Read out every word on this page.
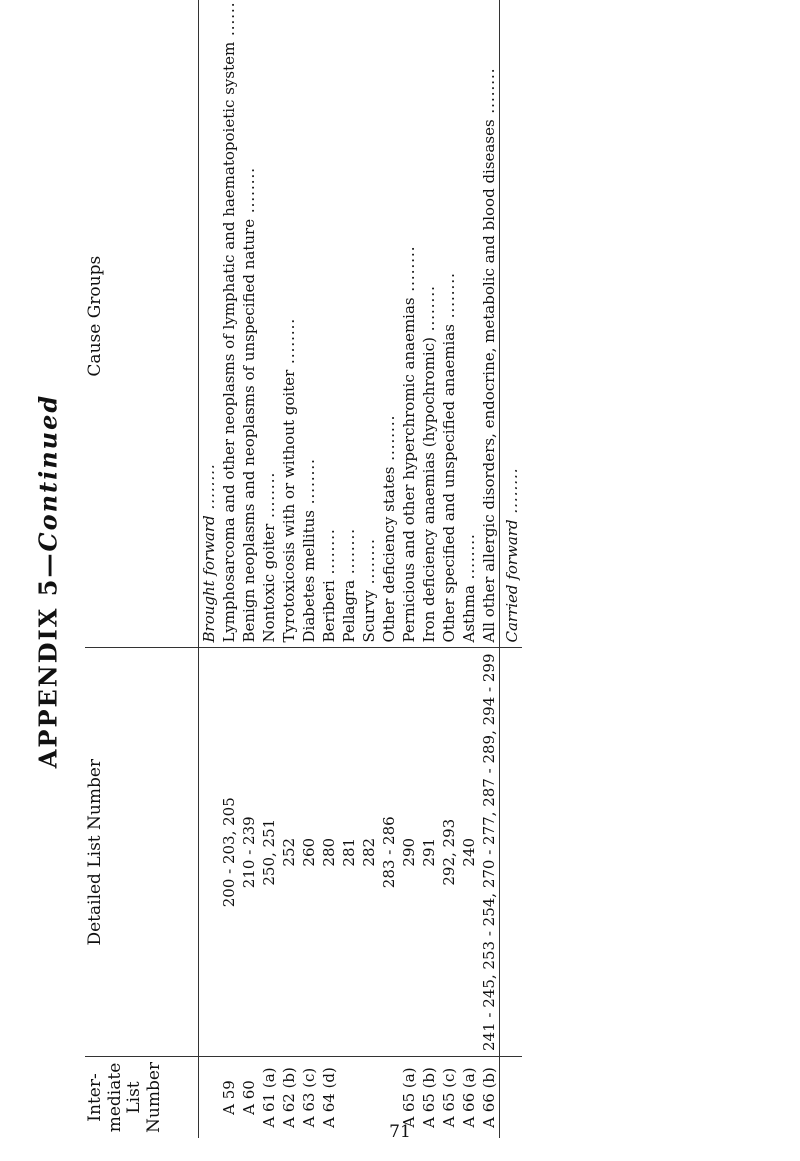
APPENDIX 5—Continued
Inter-mediate List Number	Detailed List Number	Cause Groups			

		Brought forward .....								
A 59	200 - 203, 205	Lymphosarcoma and other neoplasms of lymphatic and haematopoietic system .....								
A 60	210 - 239	Benign neoplasms and neoplasms of unspecified nature .....								
A 61 (a)	250, 251	Nontoxic goiter .....								
A 62 (b)	252	Tyrotoxicosis with or without goiter .....								
A 63 (c)	260	Diabetes mellitus .....								
A 64 (d)	280	Beriberi .....								
	281	Pellagra .....								
	282	Scurvy .....								
	283 - 286	Other deficiency states .....								
A 65 (a)	290	Pernicious and other hyperchromic anaemias .....								
A 65 (b)	291	Iron deficiency anaemias (hypochromic) .....								
A 65 (c)	292, 293	Other specified and unspecified anaemias .....								
A 66 (a)	240	Asthma .....								
A 66 (b)	241 - 245, 253 - 254, 270 - 277, 287 - 289, 294 - 299	All other allergic disorders, endocrine, metabolic and blood diseases .....								
		Carried forward .....								
71
